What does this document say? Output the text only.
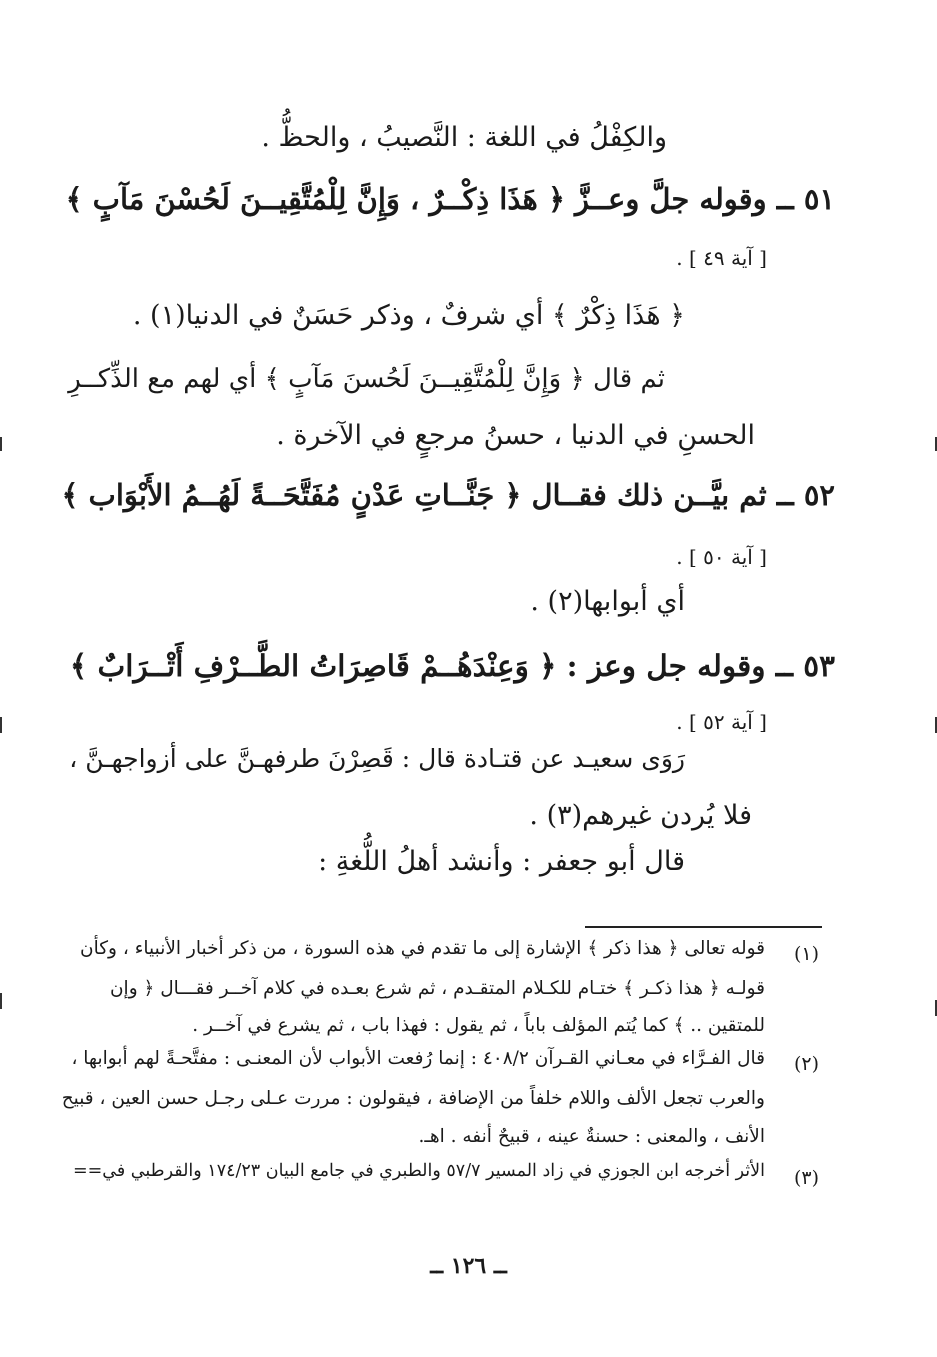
والكِفْلُ في اللغة : النَّصيبُ ، والحظُّ .
٥١ ــ وقوله جلَّ وعــزَّ ﴿ هَذَا ذِكْــرٌ ، وَإِنَّ لِلْمُتَّقِيــنَ لَحُسْنَ مَآبٍ ﴾
[ آية ٤٩ ] .
﴿ هَذَا ذِكْرٌ ﴾ أي شرفٌ ، وذكر حَسَنٌ في الدنيا(١) .
ثم قال ﴿ وَإِنَّ لِلْمُتَّقِيــنَ لَحُسنَ مَآبٍ ﴾ أي لهم مع الذِّكــرِ
الحسنِ في الدنيا ، حسنُ مرجعٍ في الآخرة .
٥٢ ــ ثم بيَّــن ذلك فقــال ﴿ جَنَّــاتِ عَدْنٍ مُفَتَّحَــةً لَهُــمُ الأَبْوَاب ﴾
[ آية ٥٠ ] .
أي أبوابها(٢) .
٥٣ ــ وقوله جل وعز : ﴿ وَعِنْدَهُــمْ قَاصِرَاتُ الطَّــرْفِ أَتْــرَابٌ ﴾
[ آية ٥٢ ] .
رَوَى سعيـد عن قتـادة قال : قَصِرْنَ طرفهـنَّ على أزواجهـنَّ ،
فلا يُردن غيرهم(٣) .
قال أبو جعفر : وأنشد أهلُ اللُّغةِ :
(١)
قوله تعالى ﴿ هذا ذكر ﴾ الإشارة إلى ما تقدم في هذه السورة ، من ذكر أخبار الأنبياء ، وكأن
قولـه ﴿ هذا ذكـر ﴾ ختـام للكـلام المتقـدم ، ثم شرع بعـده في كلام آخــر فقـــال ﴿ وإن
للمتقين .. ﴾ كما يُتم المؤلف باباً ، ثم يقول : فهذا باب ، ثم يشرع في آخــر .
(٢)
قال الفـرَّاء في معـاني القـرآن ٤٠٨/٢ : إنما رُفعت الأبواب لأن المعنـى : مفتَّحـةً لهم أبوابها ،
والعرب تجعل الألف واللام خلفاً من الإضافة ، فيقولون : مررت عـلى رجـل حسن العين ، قبيح
الأنف ، والمعنى : حسنةٌ عينه ، قبيحٌ أنفه . اهـ.
(٣)
الأثر أخرجه ابن الجوزي في زاد المسير ٥٧/٧ والطبري في جامع البيان ١٧٤/٢٣ والقرطبي في==
ــ ١٢٦ ــ
